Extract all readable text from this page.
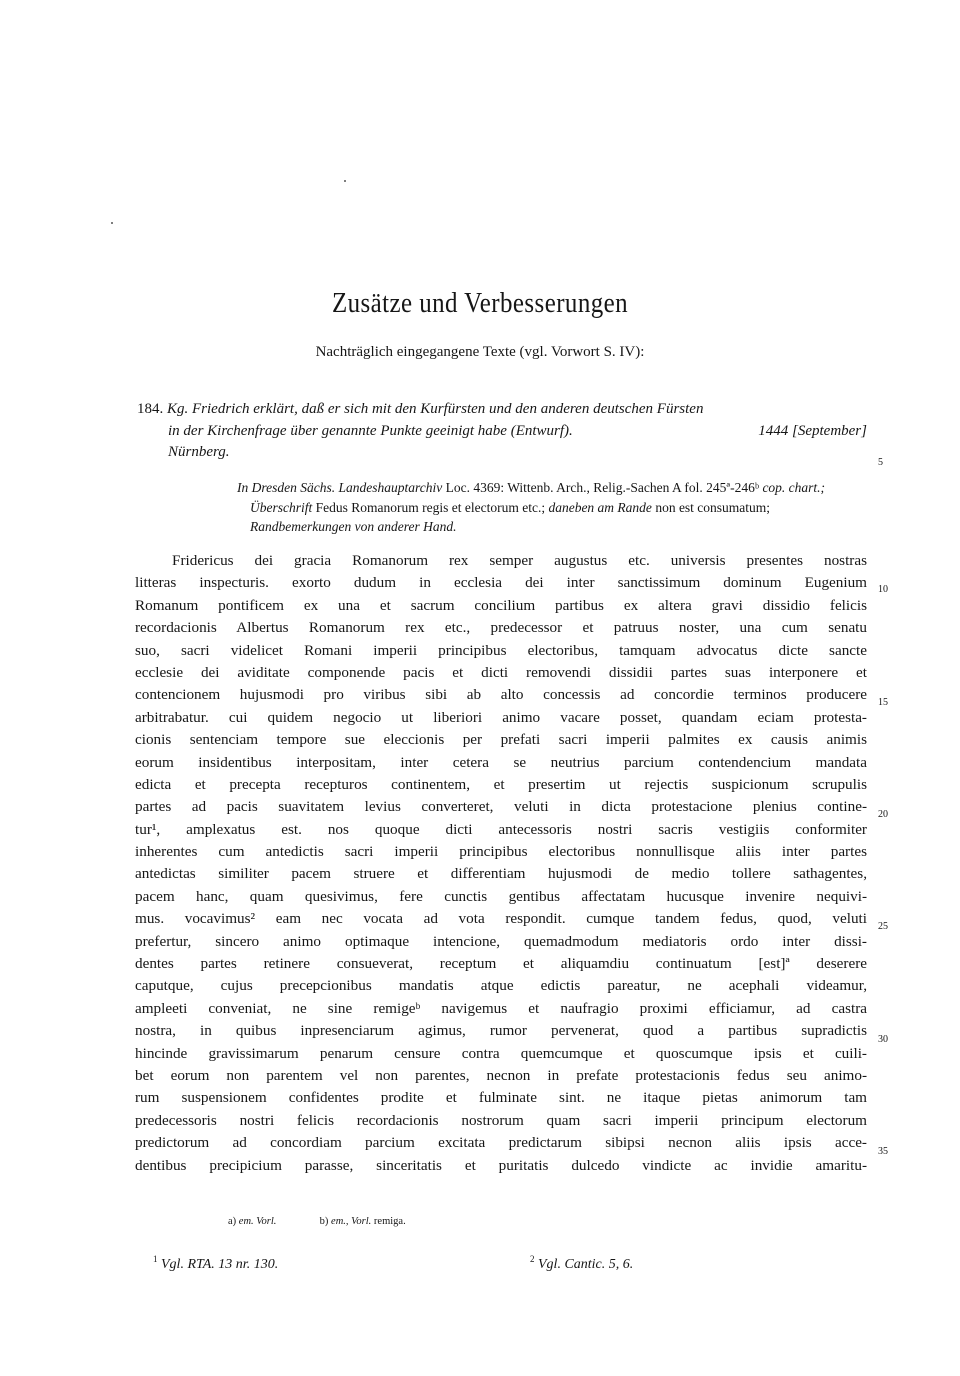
Zusätze und Verbesserungen

Nachträglich eingegangene Texte (vgl. Vorwort S. IV):

184. Kg. Friedrich erklärt, daß er sich mit den Kurfürsten und den anderen deutschen Fürsten
in der Kirchenfrage über genannte Punkte geeinigt habe (Entwurf).	1444 [September]
Nürnberg.
5
In Dresden Sächs. Landeshauptarchiv Loc. 4369: Wittenb. Arch., Relig.-Sachen A fol. 245ª-246ᵇ cop. chart.; Überschrift Fedus Romanorum regis et electorum etc.; daneben am Rande non est consumatum; Randbemerkungen von anderer Hand.
Fridericus dei gracia Romanorum rex semper augustus etc. universis presentes nostras
litteras inspecturis. exorto dudum in ecclesia dei inter sanctissimum dominum Eugenium
Romanum pontificem ex una et sacrum concilium partibus ex altera gravi dissidio felicis
recordacionis Albertus Romanorum rex etc., predecessor et patruus noster, una cum senatu
suo, sacri videlicet Romani imperii principibus electoribus, tamquam advocatus dicte sancte
ecclesie dei aviditate componende pacis et dicti removendi dissidii partes suas interponere et
contencionem hujusmodi pro viribus sibi ab alto concessis ad concordie terminos producere
arbitrabatur. cui quidem negocio ut liberiori animo vacare posset, quandam eciam protesta-
cionis sentenciam tempore sue eleccionis per prefati sacri imperii palmites ex causis animis
eorum insidentibus interpositam, inter cetera se neutrius parcium contendencium mandata
edicta et precepta recepturos continentem, et presertim ut rejectis suspicionum scrupulis
partes ad pacis suavitatem levius converteret, veluti in dicta protestacione plenius contine-
tur¹, amplexatus est. nos quoque dicti antecessoris nostri sacris vestigiis conformiter
inherentes cum antedictis sacri imperii principibus electoribus nonnullisque aliis inter partes
antedictas similiter pacem struere et differentiam hujusmodi de medio tollere sathagentes,
pacem hanc, quam quesivimus, fere cunctis gentibus affectatam hucusque invenire nequivi-
mus. vocavimus² eam nec vocata ad vota respondit. cumque tandem fedus, quod, veluti
prefertur, sincero animo optimaque intencione, quemadmodum mediatoris ordo inter dissi-
dentes partes retinere consueverat, receptum et aliquamdiu continuatum [est]ª deserere
caputque, cujus precepcionibus mandatis atque edictis pareatur, ne acephali videamur,
ampleeti conveniat, ne sine remigeᵇ navigemus et naufragio proximi efficiamur, ad castra
nostra, in quibus inpresenciarum agimus, rumor pervenerat, quod a partibus supradictis
hincinde gravissimarum penarum censure contra quemcumque et quoscumque ipsis et cuili-
bet eorum non parentem vel non parentes, necnon in prefate protestacionis fedus seu animo-
rum suspensionem confidentes prodite et fulminate sint. ne itaque pietas animorum tam
predecessoris nostri felicis recordacionis nostrorum quam sacri imperii principum electorum
predictorum ad concordiam parcium excitata predictarum sibipsi necnon aliis ipsis acce-
dentibus precipicium parasse, sinceritatis et puritatis dulcedo vindicte ac invidie amaritu-
10
15
20
25
30
35
a) em. Vorl.	b) em., Vorl. remiga.

$^1$ Vgl. RTA. 13 nr. 130.	$^2$ Vgl. Cantic. 5, 6.
